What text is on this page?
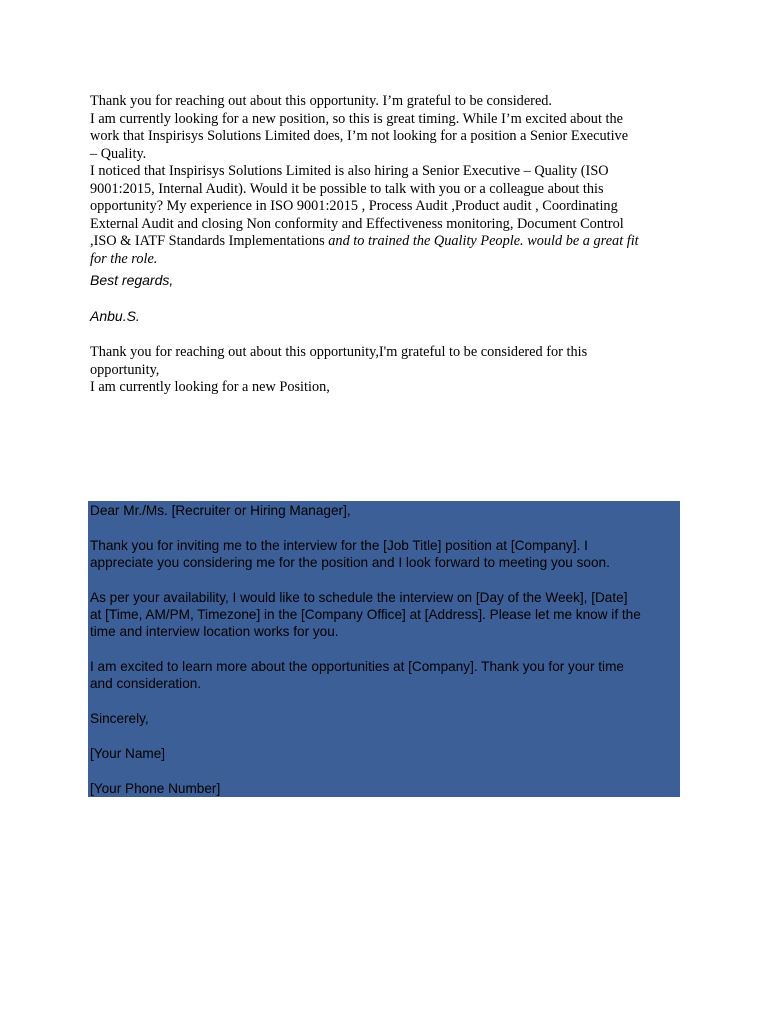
Thank you for reaching out about this opportunity. I’m grateful to be considered.

I am currently looking for a new position, so this is great timing. While I’m excited about the

work that Inspirisys Solutions Limited does, I’m not looking for a position a Senior Executive

– Quality.

I noticed that Inspirisys Solutions Limited is also hiring a Senior Executive – Quality (ISO

9001:2015, Internal Audit). Would it be possible to talk with you or a colleague about this

opportunity? My experience in ISO 9001:2015 , Process Audit ,Product audit , Coordinating

External Audit and closing Non conformity and Effectiveness monitoring, Document Control

,ISO & IATF Standards Implementations and to trained the Quality People. would be a great fit

for the role.

Best regards,
Anbu.S.

Thank you for reaching out about this opportunity,I'm grateful to be considered for this

opportunity,

I am currently looking for a new Position,

Dear Mr./Ms. [Recruiter or Hiring Manager],

Thank you for inviting me to the interview for the [Job Title] position at [Company]. I

appreciate you considering me for the position and I look forward to meeting you soon.

As per your availability, I would like to schedule the interview on [Day of the Week], [Date]

at [Time, AM/PM, Timezone] in the [Company Office] at [Address]. Please let me know if the

time and interview location works for you.

I am excited to learn more about the opportunities at [Company]. Thank you for your time

and consideration.

Sincerely,

[Your Name]

[Your Phone Number]
